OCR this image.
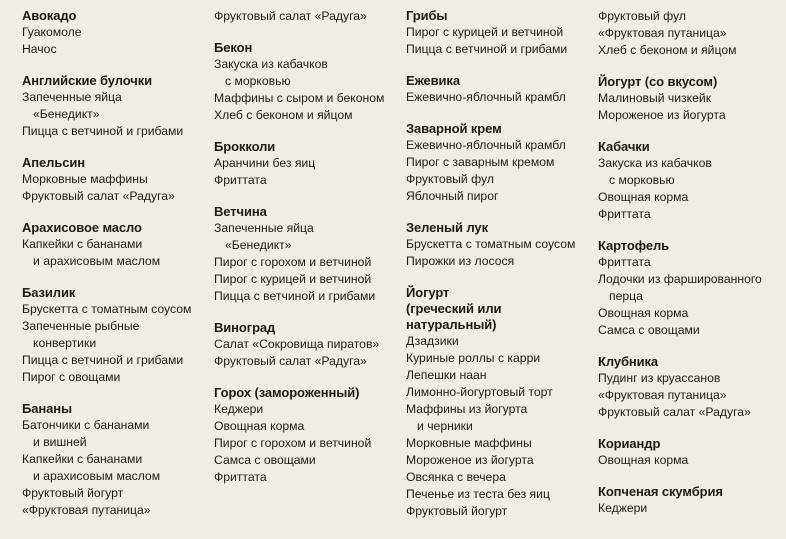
Авокадо
Гуакомоле
Начос
Английские булочки
Запеченные яйца
«Бенедикт»
Пицца с ветчиной и грибами
Апельсин
Морковные маффины
Фруктовый салат «Радуга»
Арахисовое масло
Капкейки с бананами
и арахисовым маслом
Базилик
Брускетта с томатным соусом
Запеченные рыбные
конвертики
Пицца с ветчиной и грибами
Пирог с овощами
Бананы
Батончики с бананами
и вишней
Капкейки с бананами
и арахисовым маслом
Фруктовый йогурт
«Фруктовая путаница»
Фруктовый салат «Радуга»
Бекон
Закуска из кабачков
с морковью
Маффины с сыром и беконом
Хлеб с беконом и яйцом
Брокколи
Аранчини без яиц
Фриттата
Ветчина
Запеченные яйца
«Бенедикт»
Пирог с горохом и ветчиной
Пирог с курицей и ветчиной
Пицца с ветчиной и грибами
Виноград
Салат «Сокровища пиратов»
Фруктовый салат «Радуга»
Горох (замороженный)
Кеджери
Овощная корма
Пирог с горохом и ветчиной
Самса с овощами
Фриттата
Грибы
Пирог с курицей и ветчиной
Пицца с ветчиной и грибами
Ежевика
Ежевично-яблочный крамбл
Заварной крем
Ежевично-яблочный крамбл
Пирог с заварным кремом
Фруктовый фул
Яблочный пирог
Зеленый лук
Брускетта с томатным соусом
Пирожки из лосося
Йогурт
(греческий или
натуральный)
Дзадзики
Куриные роллы с карри
Лепешки наан
Лимонно-йогуртовый торт
Маффины из йогурта
и черники
Морковные маффины
Мороженое из йогурта
Овсянка с вечера
Печенье из теста без яиц
Фруктовый йогурт
Фруктовый фул
«Фруктовая путаница»
Хлеб с беконом и яйцом
Йогурт (со вкусом)
Малиновый чизкейк
Мороженое из йогурта
Кабачки
Закуска из кабачков
с морковью
Овощная корма
Фриттата
Картофель
Фриттата
Лодочки из фаршированного
перца
Овощная корма
Самса с овощами
Клубника
Пудинг из круассанов
«Фруктовая путаница»
Фруктовый салат «Радуга»
Кориандр
Овощная корма
Копченая скумбрия
Кеджери
